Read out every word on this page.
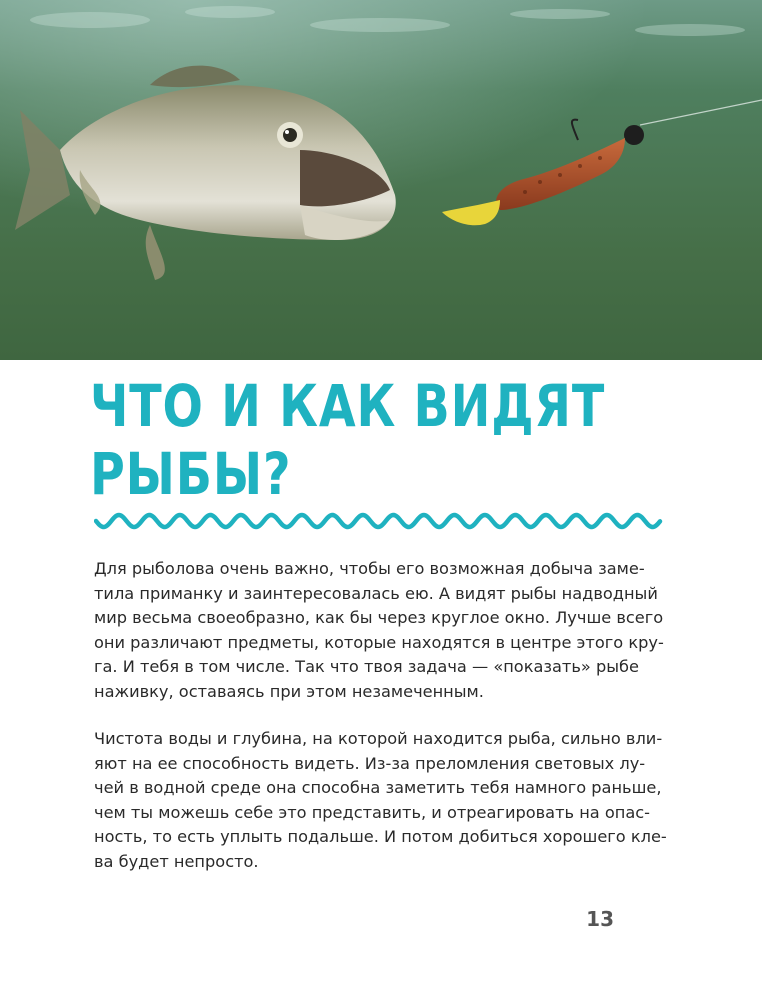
ЧТО И КАК ВИДЯТ
РЫБЫ?

Для рыболова очень важно, чтобы его возможная добыча заме-
тила приманку и заинтересовалась ею. А видят рыбы надводный
мир весьма своеобразно, как бы через круглое окно. Лучше всего
они различают предметы, которые находятся в центре этого кру-
га. И тебя в том числе. Так что твоя задача — «показать» рыбе
наживку, оставаясь при этом незамеченным.

Чистота воды и глубина, на которой находится рыба, сильно вли-
яют на ее способность видеть. Из-за преломления световых лу-
чей в водной среде она способна заметить тебя намного раньше,
чем ты можешь себе это представить, и отреагировать на опас-
ность, то есть уплыть подальше. И потом добиться хорошего кле-
ва будет непросто.

13
